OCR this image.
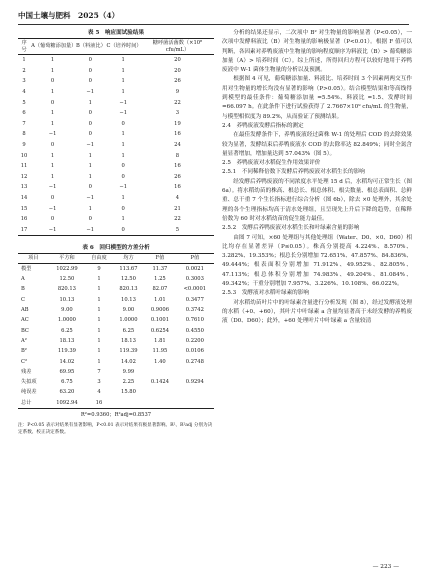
中国土壤与肥料　2025（4）
表 5　响应面试验结果
序号	A（葡萄糖添加量）	B（料液比）	C（培养时间）	糖呼菌活菌数（×10⁸ cfu/mL）
1	1	0	1	20
2	1	0	1	20
3	0	0	1	26
4	1	−1	1	9
5	0	1	−1	22
6	1	0	−1	3
7	1	0	0	19
8	−1	0	1	16
9	0	−1	1	24
10	1	1	1	8
11	1	1	0	16
12	1	1	0	26
13	−1	0	−1	16
14	0	−1	1	4
15	−1	1	0	21
16	0	0	1	22
17	−1	−1	0	5
表 6　回归模型的方差分析
项目	平方和	自由度	均方	F值	P值
模型	1022.99	9	113.67	11.37	0.0021
A	12.50	1	12.50	1.25	0.3003
B	820.13	1	820.13	82.07	<0.0001
C	10.13	1	10.13	1.01	0.3477
AB	9.00	1	9.00	0.9006	0.3742
AC	1.0000	1	1.0000	0.1001	0.7610
BC	6.25	1	6.25	0.6254	0.4550
A²	18.13	1	18.13	1.81	0.2200
B²	119.39	1	119.39	11.95	0.0106
C²	14.02	1	14.02	1.40	0.2748
残差	69.95	7	9.99		
失拟项	6.75	3	2.25	0.1424	0.9294
纯误差	63.20	4	15.80		
总计	1092.94	16			
R²=0.9360；R²adj=0.8537
注：P<0.05 表示对结果有显著影响，P<0.01 表示对结果有极显著影响。R²、R²adj 分别为决定系数、校正决定系数。

分析的结果还显示，二次项中 B² 对生物量的影响显著（P<0.05），一次项中发酵料液比（B）对生物量的影响极显著（P<0.01）。根据 F 值可以判断，各因素对养鸭废液中生物量的影响程度顺序为料液比（B）> 葡萄糖添加量（A）> 培养时间（C）。综上所述，所得回归方程可以较好地用于养鸭废液中 W-1 菌体生物量的分析以及预测。

根据图 4 可见，葡萄糖添加量、料液比、培养时间 3 个因素两两交互作用对生物量的增长均没有显著的影响（P>0.05）。结合模型结果和等高线得到模型的最佳条件：葡萄糖添加量 =5.54%、料液比 =1.5、发酵时间 =66.097 h。在此条件下进行试验获得了 2.7667×10⁹ cfu/mL 的生物量，与模型相似度为 89.2%，从而验证了预测结果。

2.4　养鸭废液发酵后指标的测定

在最佳发酵条件下，养鸭废液经过菌株 W-1 的处理后 COD 的去除效果较为显著，发酵结束后养鸭废液水 COD 的去除率达 82.849%；同时全氮含量显著增加，增加量达到 57.043%（图 5）。

2.5　养鸭废液对水稻促生作用效果评价

2.5.1　不同稀释倍数下发酵后养鸭废液对水稻生长的影响

经发酵后养鸭废液的不同浓度水平处理 15 d 后，水稻均可正常生长（图 6a）。将水稻幼苗的株高、根总长、根总体积、根尖数量、根总表面积、总鲜重、总干重 7 个生长指标进行综合分析（图 6b），除去 ×0 处理外，其余处理的各个生理指标均高于清水处理组，且呈现先上升后下降的趋势，在稀释倍数为 60 时对水稻幼苗的促生能力最佳。

2.5.2　发酵后养鸭废液对水稻生长和叶绿素含量的影响

由图 7 可知，×60 处理组与其他处理组（Water、D0、×0、D60）相比均存在显著差异（P≤0.05）。株高分别提高 4.224%、8.570%、3.282%、19.353%；根总长分别增加 72.651%、47.857%、84.836%、49.444%；根表面积分别增加 71.912%、49.952%、82.805%、47.113%；根总体积分别增加 74.983%、49.204%、81.084%、49.342%；干重分别增加 7.957%、3.226%、10.108%、66.022%。

2.5.3　发酵液对水稻叶绿素的影响

对水稻幼苗叶片中的叶绿素含量进行分析发现（图 8），经过发酵液处理的水稻（+0、+60），其叶片中叶绿素 a 含量均显著高于未经发酵的养鸭废液（D0、D60）；此外，+60 处理叶片中叶绿素 a 含量较清

— 223 —
